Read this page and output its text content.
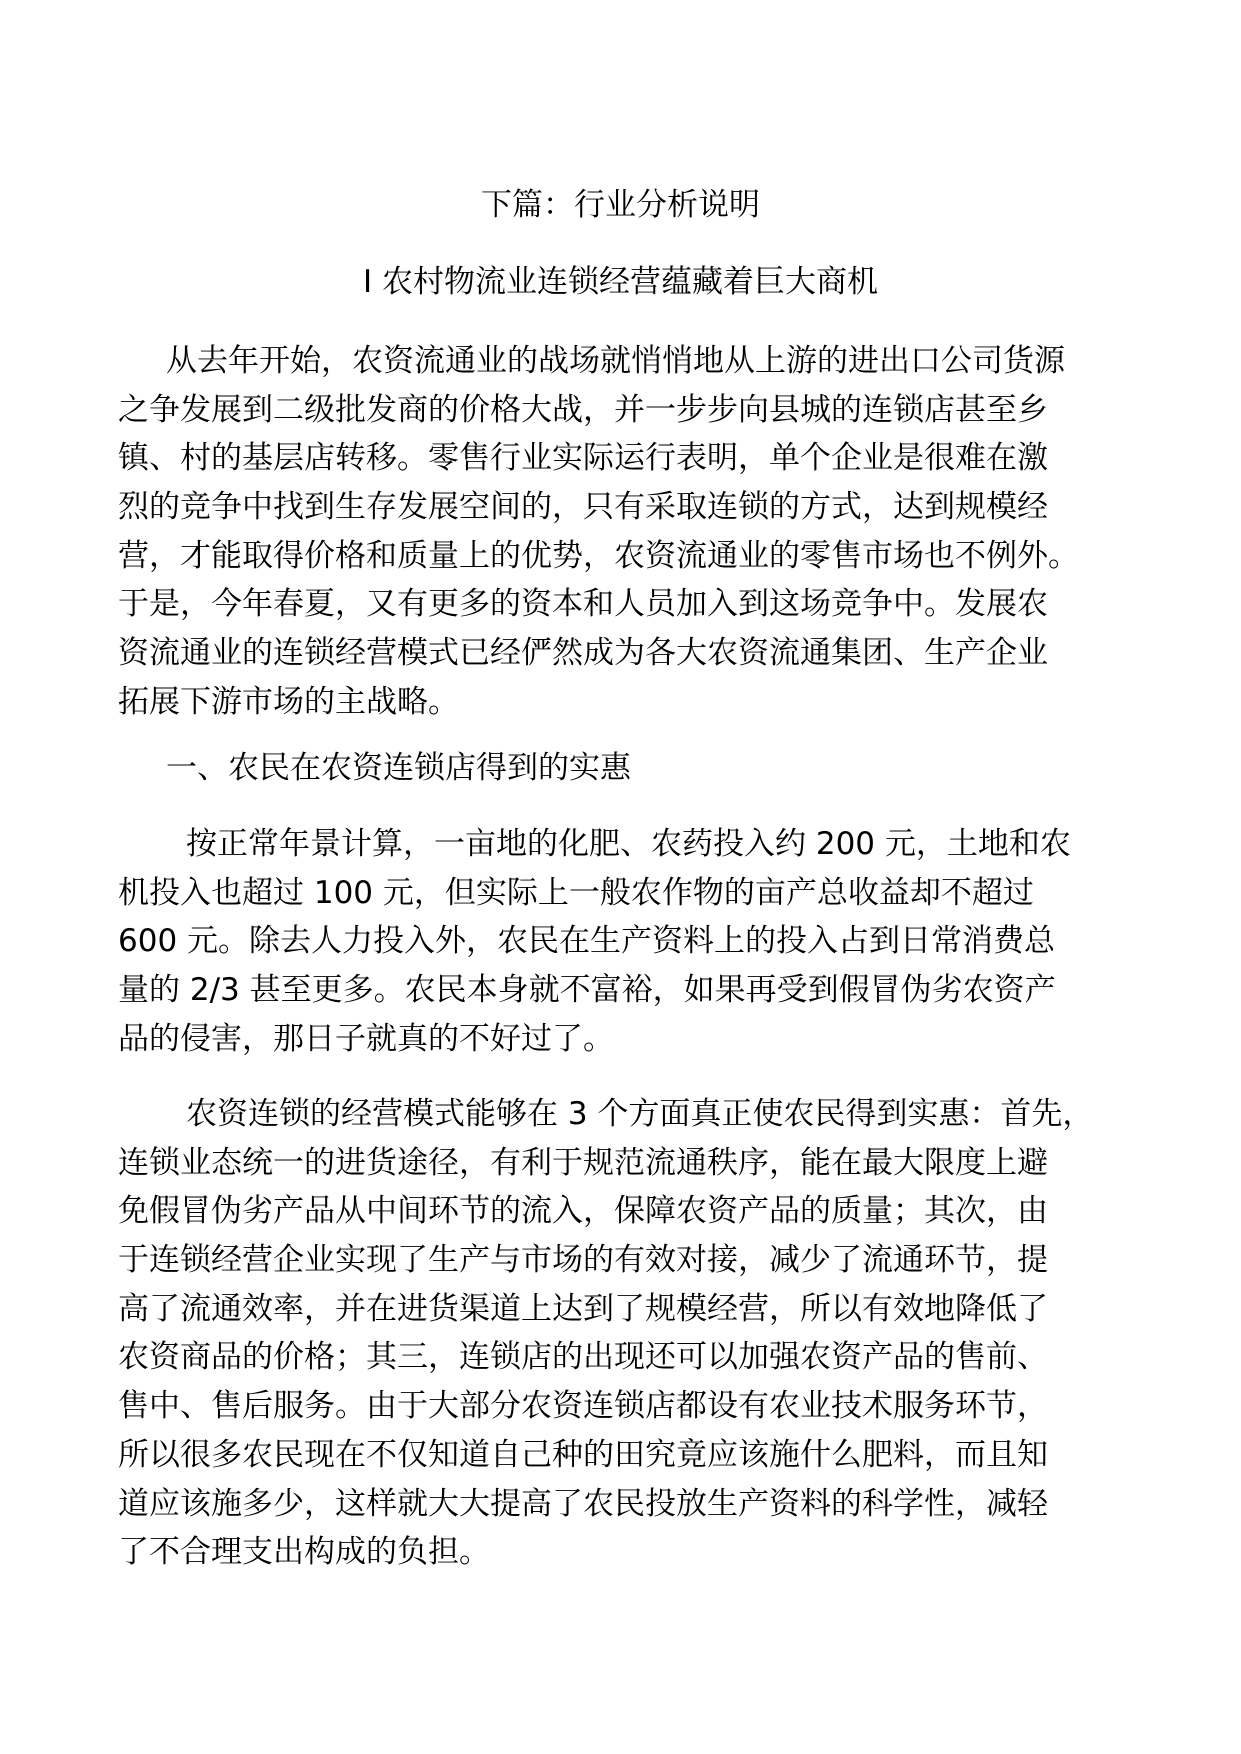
下篇：行业分析说明
I 农村物流业连锁经营蕴藏着巨大商机
从去年开始，农资流通业的战场就悄悄地从上游的进出口公司货源
之争发展到二级批发商的价格大战，并一步步向县城的连锁店甚至乡
镇、村的基层店转移。零售行业实际运行表明，单个企业是很难在激
烈的竞争中找到生存发展空间的，只有采取连锁的方式，达到规模经
营，才能取得价格和质量上的优势，农资流通业的零售市场也不例外。
于是，今年春夏，又有更多的资本和人员加入到这场竞争中。发展农
资流通业的连锁经营模式已经俨然成为各大农资流通集团、生产企业
拓展下游市场的主战略。
一、农民在农资连锁店得到的实惠
按正常年景计算，一亩地的化肥、农药投入约 200 元，土地和农
机投入也超过 100 元，但实际上一般农作物的亩产总收益却不超过
600 元。除去人力投入外，农民在生产资料上的投入占到日常消费总
量的 2/3 甚至更多。农民本身就不富裕，如果再受到假冒伪劣农资产
品的侵害，那日子就真的不好过了。
农资连锁的经营模式能够在 3 个方面真正使农民得到实惠：首先，
连锁业态统一的进货途径，有利于规范流通秩序，能在最大限度上避
免假冒伪劣产品从中间环节的流入，保障农资产品的质量；其次，由
于连锁经营企业实现了生产与市场的有效对接，减少了流通环节，提
高了流通效率，并在进货渠道上达到了规模经营，所以有效地降低了
农资商品的价格；其三，连锁店的出现还可以加强农资产品的售前、
售中、售后服务。由于大部分农资连锁店都设有农业技术服务环节，
所以很多农民现在不仅知道自己种的田究竟应该施什么肥料，而且知
道应该施多少，这样就大大提高了农民投放生产资料的科学性，减轻
了不合理支出构成的负担。
